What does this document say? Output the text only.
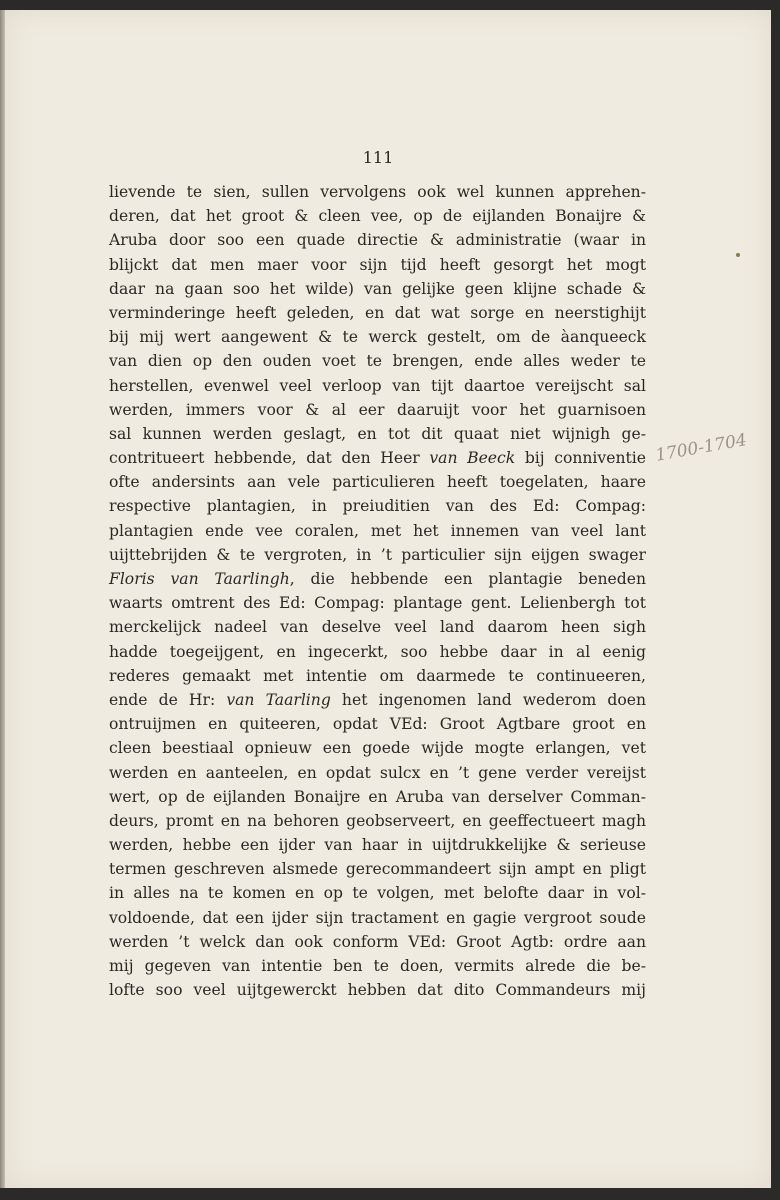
111
lievende te sien, sullen vervolgens ook wel kunnen apprehen-
deren, dat het groot & cleen vee, op de eijlanden Bonaijre &
Aruba door soo een quade directie & administratie (waar in
blijckt dat men maer voor sijn tijd heeft gesorgt het mogt
daar na gaan soo het wilde) van gelijke geen klijne schade &
verminderinge heeft geleden, en dat wat sorge en neerstighijt
bij mij wert aangewent & te werck gestelt, om de àanqueeck
van dien op den ouden voet te brengen, ende alles weder te
herstellen, evenwel veel verloop van tijt daartoe vereijscht sal
werden, immers voor & al eer daaruijt voor het guarnisoen
sal kunnen werden geslagt, en tot dit quaat niet wijnigh ge-
contritueert hebbende, dat den Heer van Beeck bij conniventie
ofte andersints aan vele particulieren heeft toegelaten, haare
respective plantagien, in preiuditien van des Ed: Compag:
plantagien ende vee coralen, met het innemen van veel lant
uijttebrijden & te vergroten, in ’t particulier sijn eijgen swager
Floris van Taarlingh, die hebbende een plantagie beneden
waarts omtrent des Ed: Compag: plantage gent. Lelienbergh tot
merckelijck nadeel van deselve veel land daarom heen sigh
hadde toegeijgent, en ingecerkt, soo hebbe daar in al eenig
rederes gemaakt met intentie om daarmede te continueeren,
ende de Hr: van Taarling het ingenomen land wederom doen
ontruijmen en quiteeren, opdat VEd: Groot Agtbare groot en
cleen beestiaal opnieuw een goede wijde mogte erlangen, vet
werden en aanteelen, en opdat sulcx en ’t gene verder vereijst
wert, op de eijlanden Bonaijre en Aruba van derselver Comman-
deurs, promt en na behoren geobserveert, en geeffectueert magh
werden, hebbe een ijder van haar in uijtdrukkelijke & serieuse
termen geschreven alsmede gerecommandeert sijn ampt en pligt
in alles na te komen en op te volgen, met belofte daar in vol-
voldoende, dat een ijder sijn tractament en gagie vergroot soude
werden ’t welck dan ook conform VEd: Groot Agtb: ordre aan
mij gegeven van intentie ben te doen, vermits alrede die be-
lofte soo veel uijtgewerckt hebben dat dito Commandeurs mij
1700-1704
